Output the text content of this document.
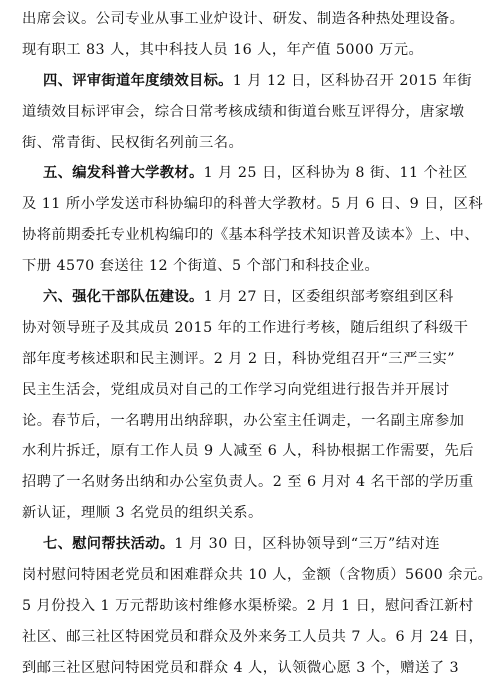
出席会议。公司专业从事工业炉设计、研发、制造各种热处理设备。
现有职工 83 人，其中科技人员 16 人，年产值 5000 万元。
四、评审街道年度绩效目标。1 月 12 日，区科协召开 2015 年街
道绩效目标评审会，综合日常考核成绩和街道台账互评得分，唐家墩
街、常青街、民权街名列前三名。
五、编发科普大学教材。1 月 25 日，区科协为 8 街、11 个社区
及 11 所小学发送市科协编印的科普大学教材。5 月 6 日、9 日，区科
协将前期委托专业机构编印的《基本科学技术知识普及读本》上、中、
下册 4570 套送往 12 个街道、5 个部门和科技企业。
六、强化干部队伍建设。1 月 27 日，区委组织部考察组到区科
协对领导班子及其成员 2015 年的工作进行考核，随后组织了科级干
部年度考核述职和民主测评。2 月 2 日，科协党组召开“三严三实”
民主生活会，党组成员对自己的工作学习向党组进行报告并开展讨
论。春节后，一名聘用出纳辞职，办公室主任调走，一名副主席参加
水利片拆迁，原有工作人员 9 人减至 6 人，科协根据工作需要，先后
招聘了一名财务出纳和办公室负责人。2 至 6 月对 4 名干部的学历重
新认证，理顺 3 名党员的组织关系。
七、慰问帮扶活动。1 月 30 日，区科协领导到“三万”结对连
岗村慰问特困老党员和困难群众共 10 人，金额（含物质）5600 余元。
5 月份投入 1 万元帮助该村维修水渠桥梁。2 月 1 日，慰问香江新村
社区、邮三社区特困党员和群众及外来务工人员共 7 人。6 月 24 日，
到邮三社区慰问特困党员和群众 4 人，认领微心愿 3 个，赠送了 3
